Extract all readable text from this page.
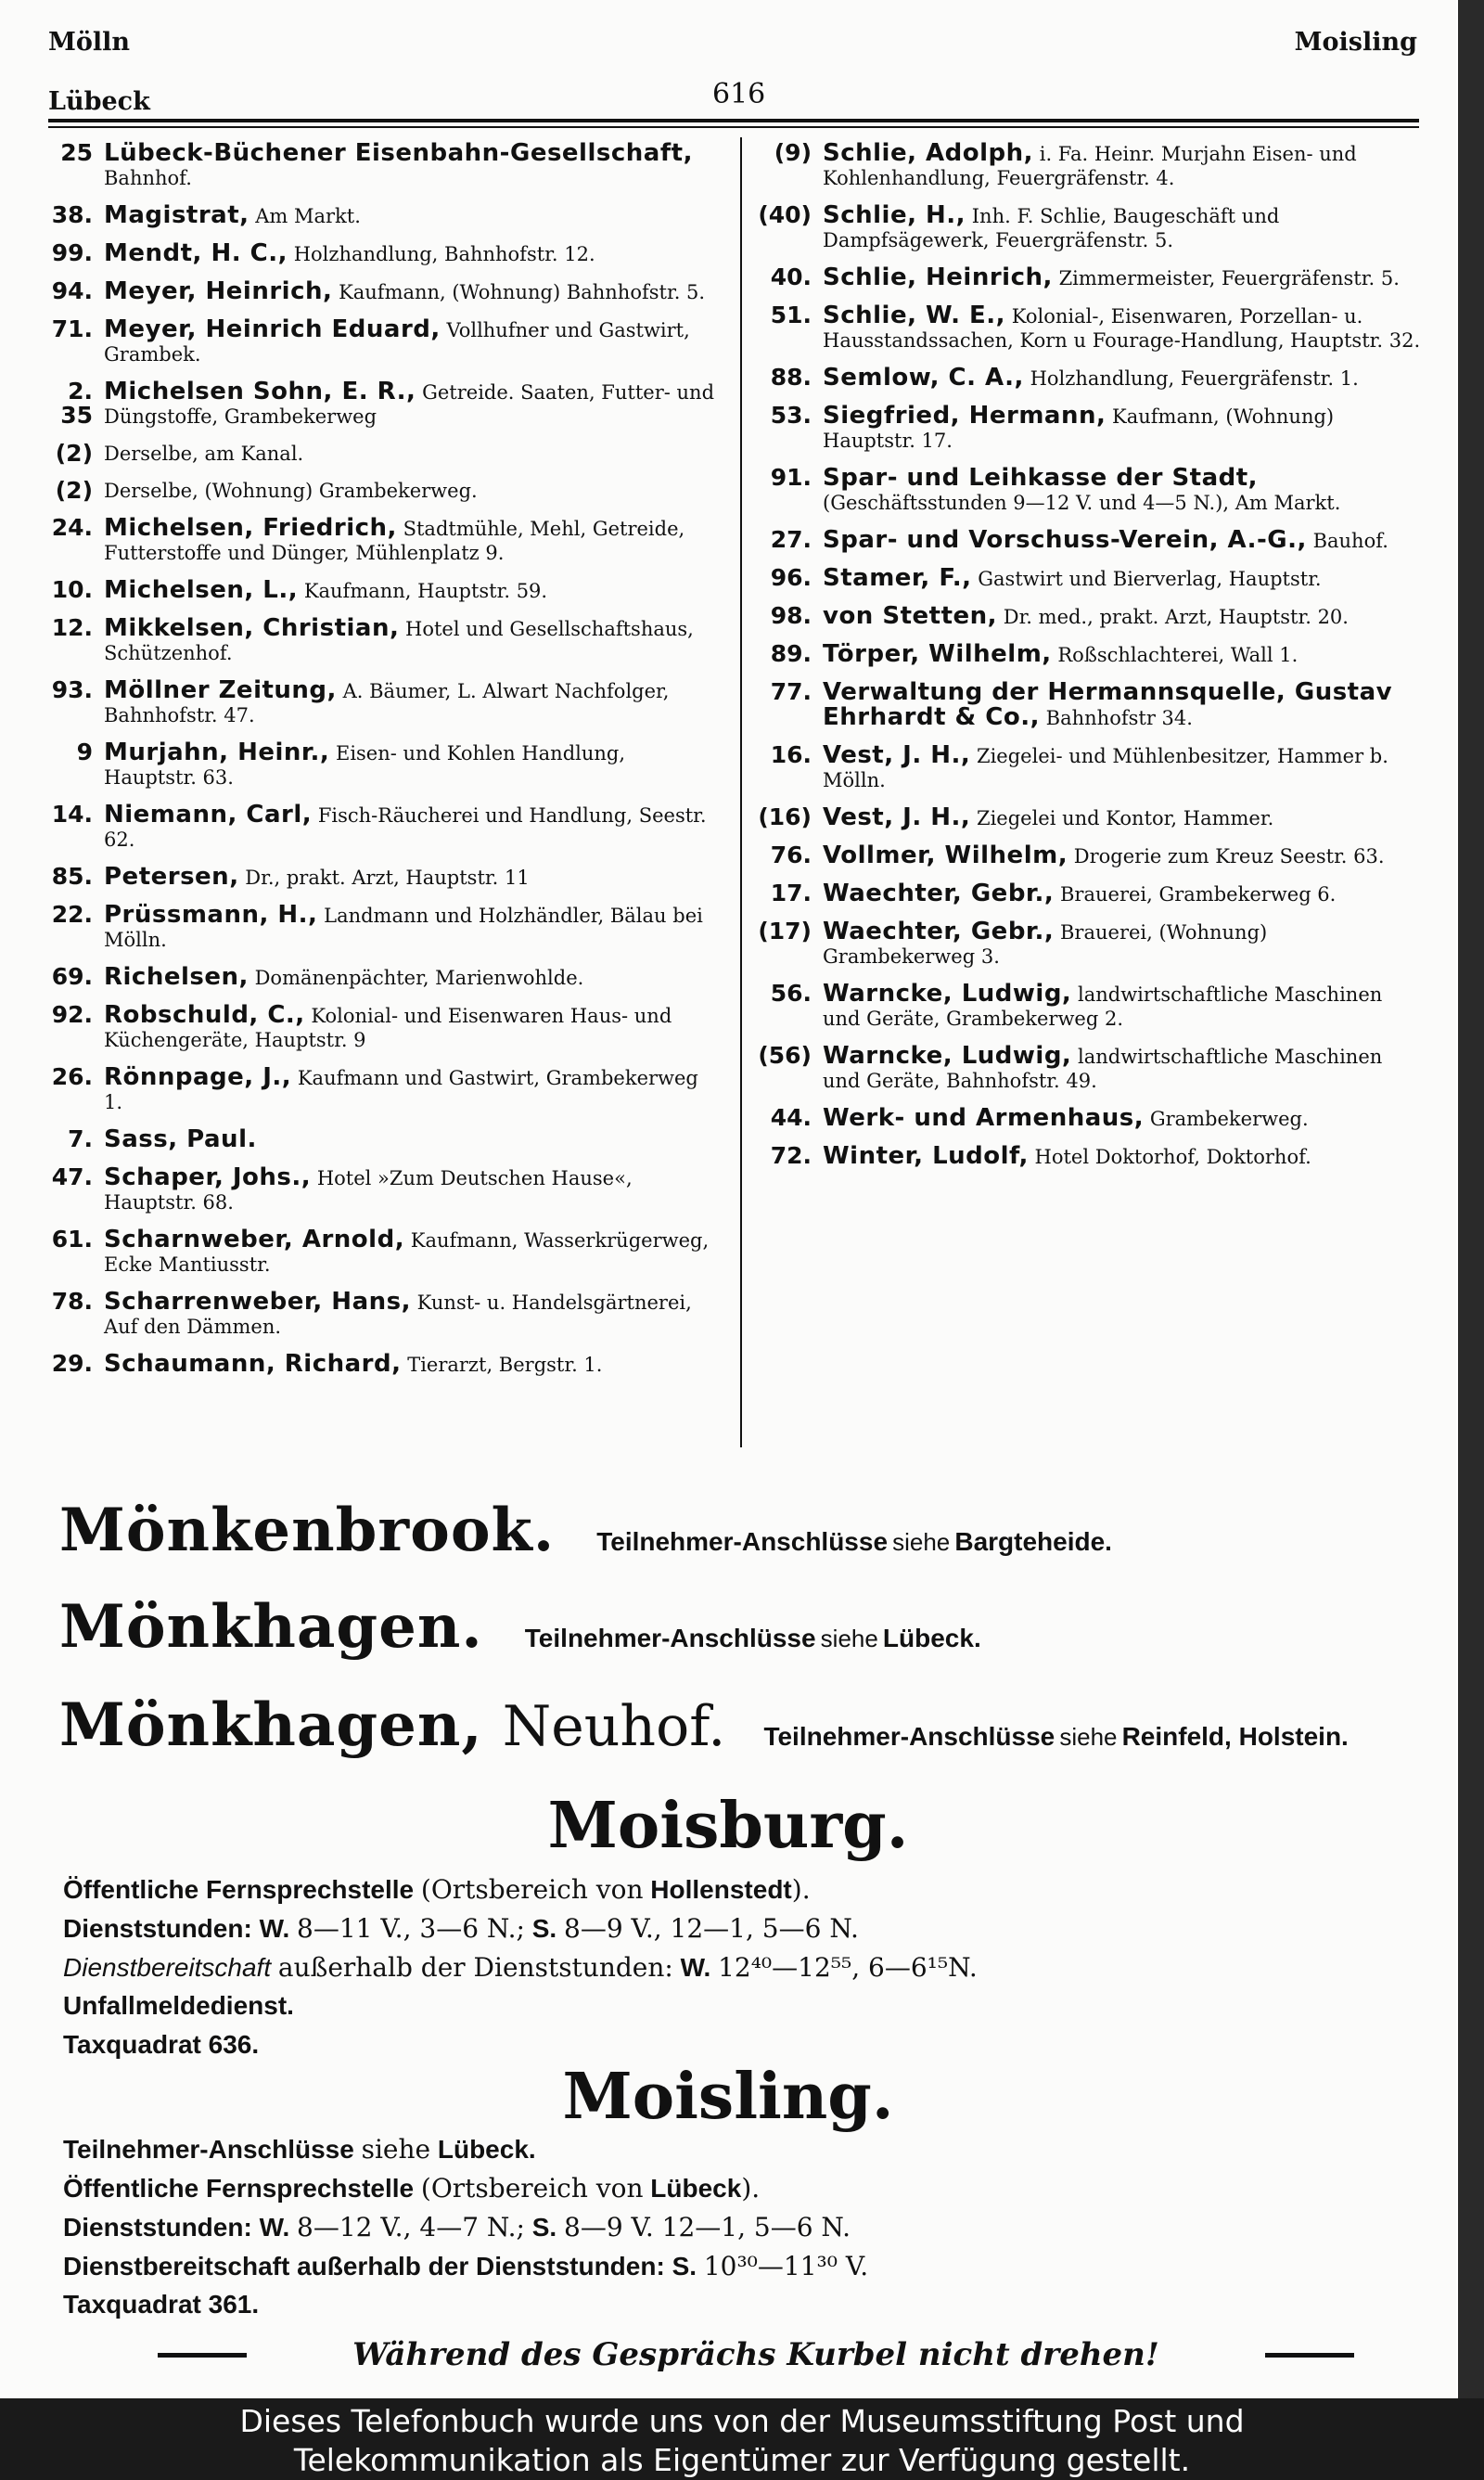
Mölln
Lübeck	616
Moisling
25 Lübeck-Büchener Eisenbahn-Gesellschaft, Bahnhof.
38. Magistrat, Am Markt.
99. Mendt, H. C., Holzhandlung, Bahnhofstr. 12.
94. Meyer, Heinrich, Kaufmann, (Wohnung) Bahnhofstr. 5.
71. Meyer, Heinrich Eduard, Vollhufner und Gastwirt, Grambek.
2.
35
Michelsen Sohn, E. R., Getreide. Saaten, Futter- und Düngstoffe, Grambekerweg
(2) Derselbe, am Kanal.
(2) Derselbe, (Wohnung) Grambekerweg.
24. Michelsen, Friedrich, Stadtmühle, Mehl, Getreide, Futterstoffe und Dünger, Mühlenplatz 9.
10. Michelsen, L., Kaufmann, Hauptstr. 59.
12. Mikkelsen, Christian, Hotel und Gesellschaftshaus, Schützenhof.
93. Möllner Zeitung, A. Bäumer, L. Alwart Nachfolger, Bahnhofstr. 47.
9 Murjahn, Heinr., Eisen- und Kohlen Handlung, Hauptstr. 63.
14. Niemann, Carl, Fisch-Räucherei und Handlung, Seestr. 62.
85. Petersen, Dr., prakt. Arzt, Hauptstr. 11
22. Prüssmann, H., Landmann und Holzhändler, Bälau bei Mölln.
69. Richelsen, Domänenpächter, Marienwohlde.
92. Robschuld, C., Kolonial- und Eisenwaren Haus- und Küchengeräte, Hauptstr. 9
26. Rönnpage, J., Kaufmann und Gastwirt, Grambekerweg 1.
7. Sass, Paul.
47. Schaper, Johs., Hotel »Zum Deutschen Hause«, Hauptstr. 68.
61. Scharnweber, Arnold, Kaufmann, Wasserkrügerweg, Ecke Mantiusstr.
78. Scharrenweber, Hans, Kunst- u. Handelsgärtnerei, Auf den Dämmen.
29. Schaumann, Richard, Tierarzt, Bergstr. 1.
(9) Schlie, Adolph, i. Fa. Heinr. Murjahn Eisen- und Kohlenhandlung, Feuergräfenstr. 4.
(40) Schlie, H., Inh. F. Schlie, Baugeschäft und Dampfsägewerk, Feuergräfenstr. 5.
40. Schlie, Heinrich, Zimmermeister, Feuergräfenstr. 5.
51. Schlie, W. E., Kolonial-, Eisenwaren, Porzellan- u. Hausstandssachen, Korn u Fourage-Handlung, Hauptstr. 32.
88. Semlow, C. A., Holzhandlung, Feuergräfenstr. 1.
53. Siegfried, Hermann, Kaufmann, (Wohnung) Hauptstr. 17.
91. Spar- und Leihkasse der Stadt, (Geschäftsstunden 9—12 V. und 4—5 N.), Am Markt.
27. Spar- und Vorschuss-Verein, A.-G., Bauhof.
96. Stamer, F., Gastwirt und Bierverlag, Hauptstr.
98. von Stetten, Dr. med., prakt. Arzt, Hauptstr. 20.
89. Törper, Wilhelm, Roßschlachterei, Wall 1.
77. Verwaltung der Hermannsquelle, Gustav Ehrhardt & Co., Bahnhofstr 34.
16. Vest, J. H., Ziegelei- und Mühlenbesitzer, Hammer b. Mölln.
(16) Vest, J. H., Ziegelei und Kontor, Hammer.
76. Vollmer, Wilhelm, Drogerie zum Kreuz Seestr. 63.
17. Waechter, Gebr., Brauerei, Grambekerweg 6.
(17) Waechter, Gebr., Brauerei, (Wohnung) Grambekerweg 3.
56. Warncke, Ludwig, landwirtschaftliche Maschinen und Geräte, Grambekerweg 2.
(56) Warncke, Ludwig, landwirtschaftliche Maschinen und Geräte, Bahnhofstr. 49.
44. Werk- und Armenhaus, Grambekerweg.
72. Winter, Ludolf, Hotel Doktorhof, Doktorhof.
Mönkenbrook. Teilnehmer-Anschlüsse siehe Bargteheide.
Mönkhagen. Teilnehmer-Anschlüsse siehe Lübeck.
Mönkhagen, Neuhof. Teilnehmer-Anschlüsse siehe Reinfeld, Holstein.
Moisburg.
Öffentliche Fernsprechstelle (Ortsbereich von Hollenstedt).
Dienststunden: W. 8—11 V., 3—6 N.; S. 8—9 V., 12—1, 5—6 N.
Dienstbereitschaft außerhalb der Dienststunden: W. 12⁴⁰—12⁵⁵, 6—6¹⁵N.
Unfallmeldedienst.
Taxquadrat 636.
Moisling.
Teilnehmer-Anschlüsse siehe Lübeck.
Öffentliche Fernsprechstelle (Ortsbereich von Lübeck).
Dienststunden: W. 8—12 V., 4—7 N.; S. 8—9 V. 12—1, 5—6 N.
Dienstbereitschaft außerhalb der Dienststunden: S. 10³⁰—11³⁰ V.
Taxquadrat 361.
Während des Gesprächs Kurbel nicht drehen!
Dieses Telefonbuch wurde uns von der Museumsstiftung Post und
Telekommunikation als Eigentümer zur Verfügung gestellt.
